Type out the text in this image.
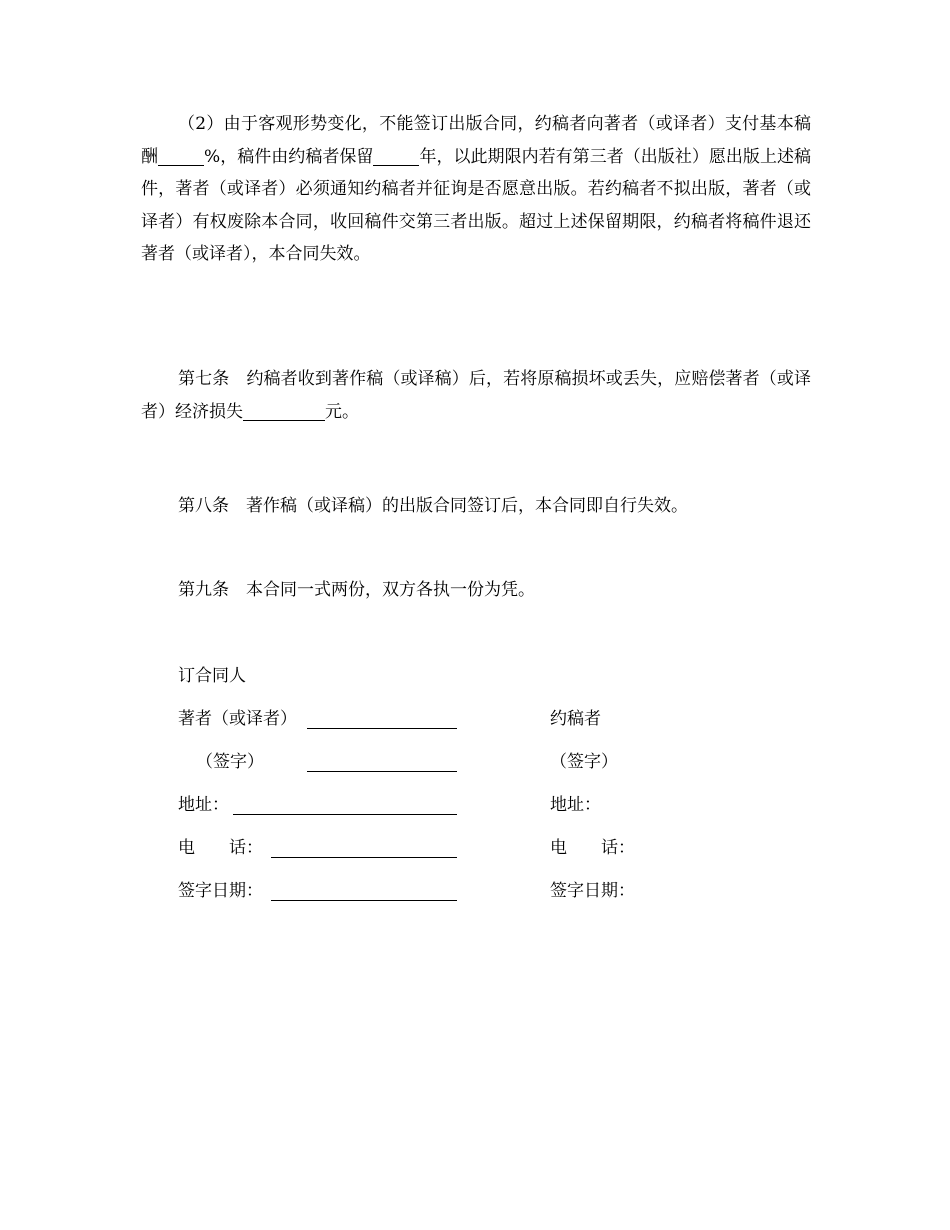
（2）由于客观形势变化，不能签订出版合同，约稿者向著者（或译者）支付基本稿酬	%，稿件由约稿者保留	年，以此期限内若有第三者（出版社）愿出版上述稿件，著者（或译者）必须通知约稿者并征询是否愿意出版。若约稿者不拟出版，著者（或译者）有权废除本合同，收回稿件交第三者出版。超过上述保留期限，约稿者将稿件退还著者（或译者），本合同失效。

第七条　约稿者收到著作稿（或译稿）后，若将原稿损坏或丢失，应赔偿著者（或译者）经济损失	元。

第八条　著作稿（或译稿）的出版合同签订后，本合同即自行失效。

第九条　本合同一式两份，双方各执一份为凭。

订合同人
著者（或译者）	约稿者
（签字）	（签字）
地址：	地址：
电　　话：	电　　话：
签字日期：	签字日期：
